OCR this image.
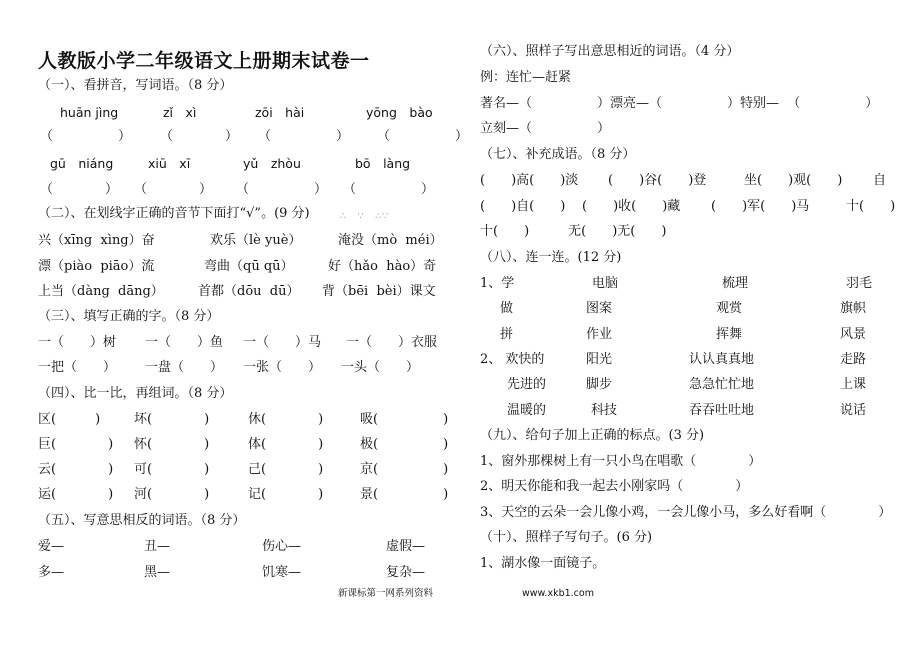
人教版小学二年级语文上册期末试卷一
（一）、看拼音，写词语。（8 分）
huān jìng	zǐ　xì	zōi　hài	yōng　bào
（　　　　　） （　　　　） （　　　　　） （　　　　　）
gū　niáng	xiū　xī	yǔ　zhòu	bō　làng
（　　　　） （　　　　） （　　　　　） （　　　　　）
（二）、在划线字正确的音节下面打“√”。(9 分)	∴　∵　∴∵
兴（xīng  xìng）奋	欢乐（lè yuè）	淹没（mò  méi）
漂（piào  piāo）流	弯曲（qū qū）	好（hǎo  hào）奇
上当（dàng  dāng）	首都（dōu  dū） 背（bēi  bèi）课文
（三）、填写正确的字。（8 分）
一（　　）树 一（　　）鱼 一（　　）马 一（　　）衣服
一把（　　） 一盘（　　） 一张（　　） 一头（　　）
（四）、比一比，再组词。（8 分）
区(　　　)	坏(　　　　)	休(　　　　)	吸(　　　　　)
巨(　　　　) 怀(　　　　)	体(　　　　)	极(　　　　　)
云(　　　　) 可(　　　　)	己(　　　　)	京(　　　　　)
运(　　　　) 河(　　　　)	记(　　　　)	景(　　　　　)
（五）、写意思相反的词语。（8 分）
爱—	丑—	伤心—	虚假—
多—	黑—	饥寒—	复杂—
新课标第一网系列资料	www.xkb1.com
（六）、照样子写出意思相近的词语。（4 分）
例：连忙—赶紧
著名—（　　　　　）漂亮—（　　　　　）特别—  （　　　　　）
立刻—（　　　　　）
（七）、补充成语。（8 分）
(　　)高(　　)淡 (　　)谷(　　)登	坐(　　)观(　　) 自
(　　)自(　　) (　　)收(　　)藏 (　　)军(　　)马	十(　　)
十(　　)　　　无(　　)无(　　)
（八）、连一连。(12 分)
1、学	电脑	梳理	羽毛
做	图案	观赏	旗帜
拼	作业	挥舞	风景
2、 欢快的	阳光	认认真真地	走路
先进的	脚步	急急忙忙地	上课
温暖的	科技	吞吞吐吐地	说话
（九）、给句子加上正确的标点。(3 分)
1、窗外那棵树上有一只小鸟在唱歌（　　　　）
2、明天你能和我一起去小刚家吗（　　　　）
3、天空的云朵一会儿像小鸡，一会儿像小马，多么好看啊（　　　　）
（十）、照样子写句子。(6 分)
1、湖水像一面镜子。
